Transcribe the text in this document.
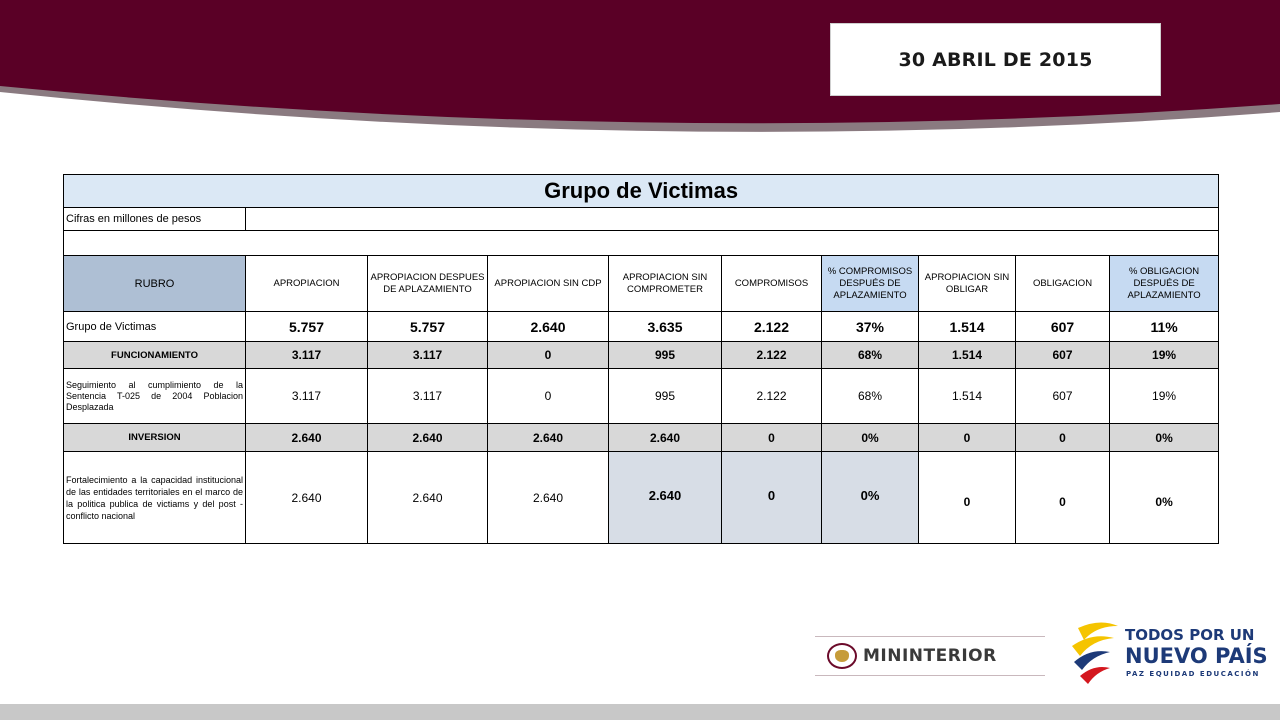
30 ABRIL DE 2015
Grupo de Victimas									
Cifras en millones de pesos									

RUBRO	APROPIACION	APROPIACION DESPUES DE APLAZAMIENTO	APROPIACION SIN CDP	APROPIACION SIN COMPROMETER	COMPROMISOS	% COMPROMISOS DESPUÉS DE APLAZAMIENTO	APROPIACION SIN OBLIGAR	OBLIGACION	% OBLIGACION DESPUÉS DE APLAZAMIENTO
Grupo de Victimas	5.757	5.757	2.640	3.635	2.122	37%	1.514	607	11%
FUNCIONAMIENTO	3.117	3.117	0	995	2.122	68%	1.514	607	19%
Seguimiento al cumplimiento de la Sentencia T-025 de 2004 Poblacion Desplazada	3.117	3.117	0	995	2.122	68%	1.514	607	19%
INVERSION	2.640	2.640	2.640	2.640	0	0%	0	0	0%
Fortalecimiento a la capacidad institucional de las entidades territoriales en el marco de la politica publica de victiams y del post - conflicto nacional	2.640	2.640	2.640	2.640	0	0%	0	0	0%
MININTERIOR
TODOS POR UN
NUEVO PAÍS
PAZ EQUIDAD EDUCACIÓN
